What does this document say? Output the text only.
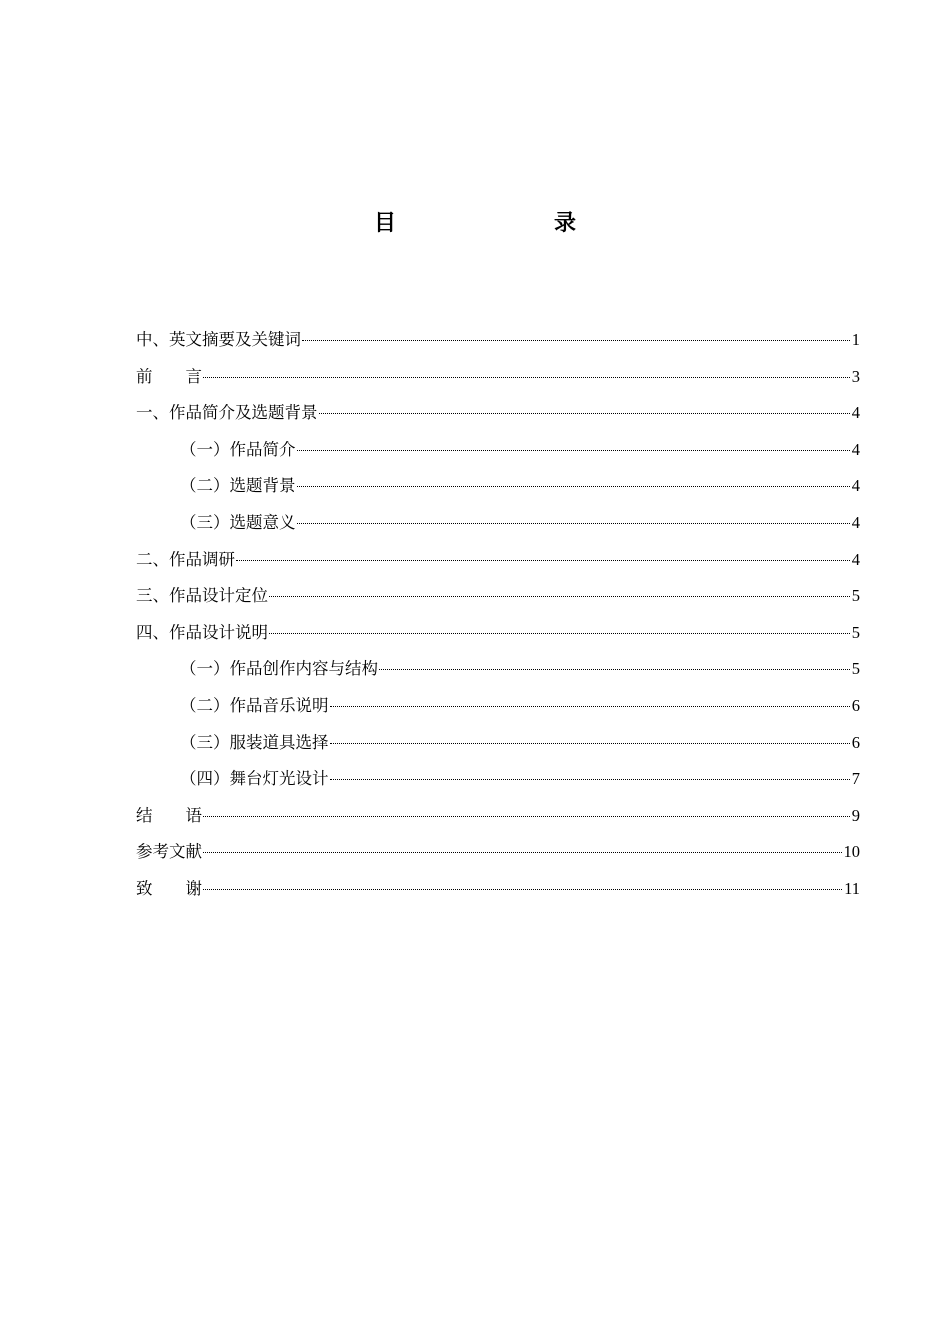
目　　录
中、英文摘要及关键词	1
前　　言	3
一、作品简介及选题背景	4
（一）作品简介	4
（二）选题背景	4
（三）选题意义	4
二、作品调研	4
三、作品设计定位	5
四、作品设计说明	5
（一）作品创作内容与结构	5
（二）作品音乐说明	6
（三）服装道具选择	6
（四）舞台灯光设计	7
结　　语	9
参考文献	10
致　　谢	11
